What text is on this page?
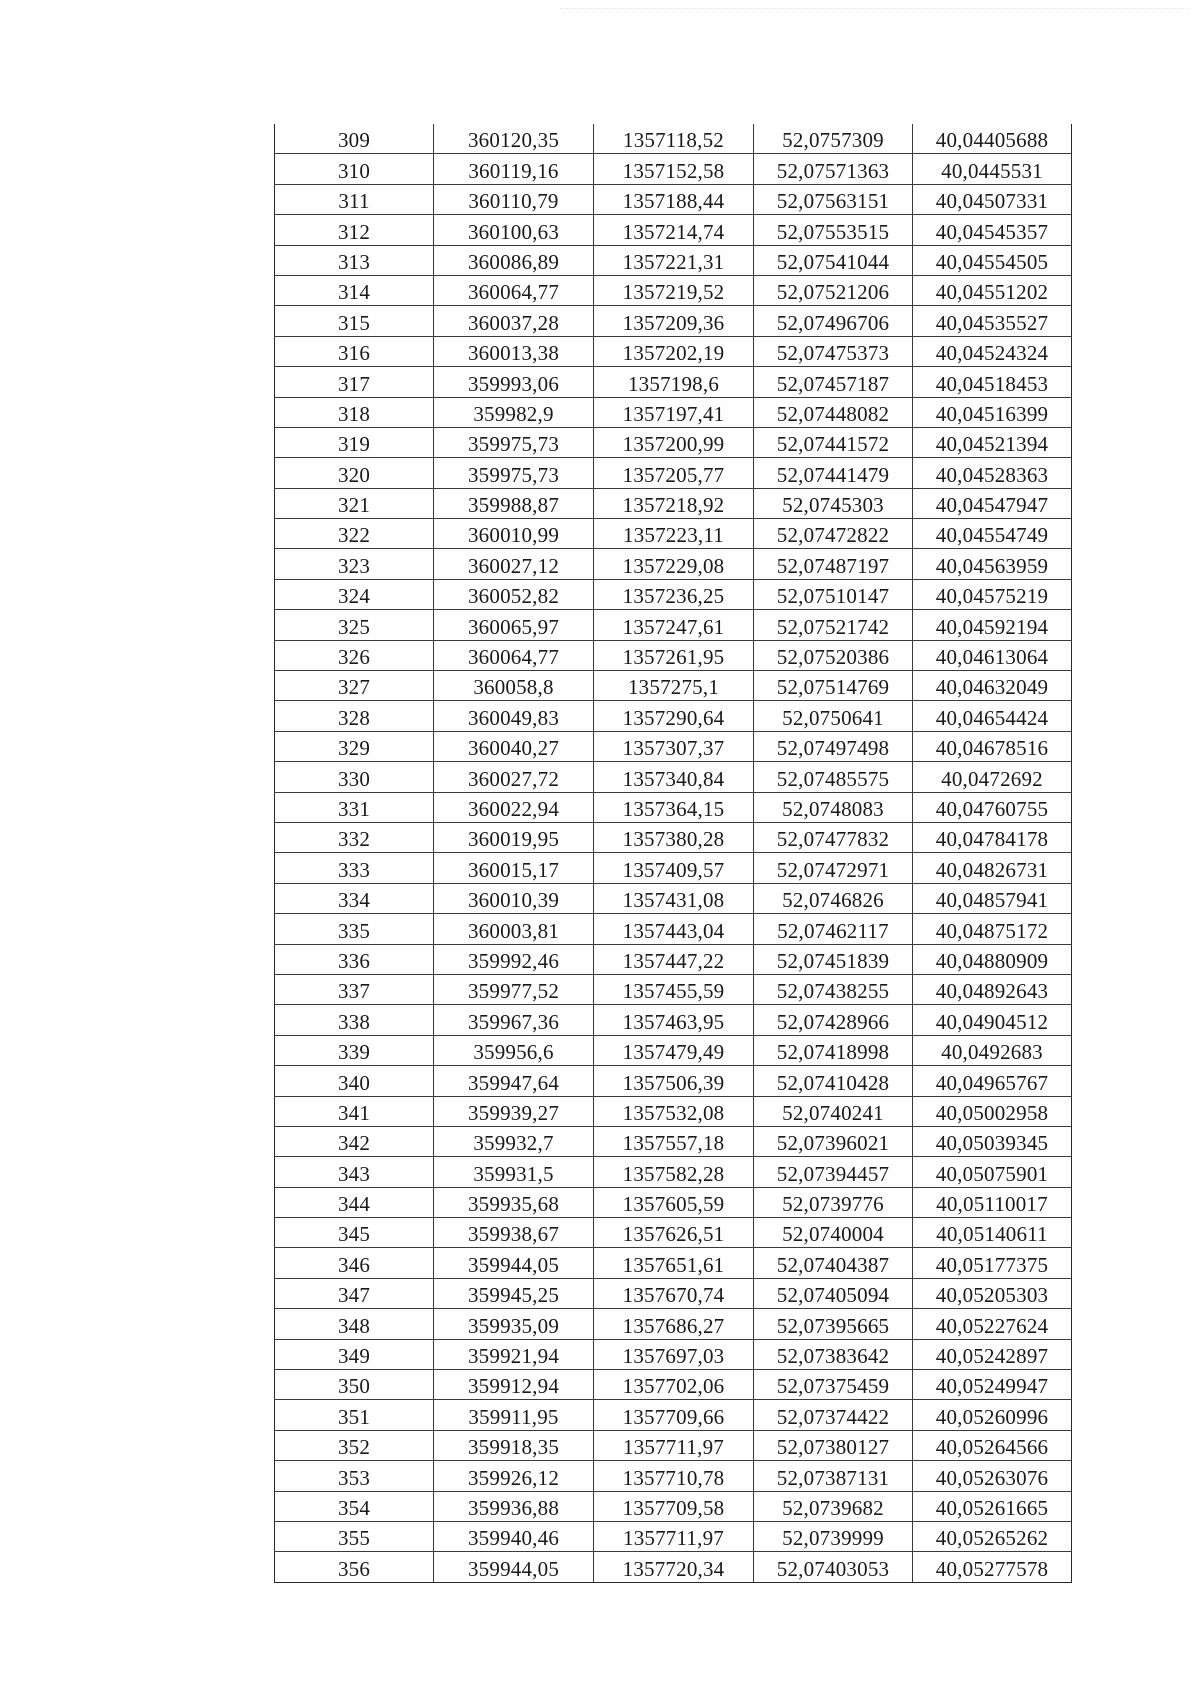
309	360120,35	1357118,52	52,0757309	40,04405688
310	360119,16	1357152,58	52,07571363	40,0445531
311	360110,79	1357188,44	52,07563151	40,04507331
312	360100,63	1357214,74	52,07553515	40,04545357
313	360086,89	1357221,31	52,07541044	40,04554505
314	360064,77	1357219,52	52,07521206	40,04551202
315	360037,28	1357209,36	52,07496706	40,04535527
316	360013,38	1357202,19	52,07475373	40,04524324
317	359993,06	1357198,6	52,07457187	40,04518453
318	359982,9	1357197,41	52,07448082	40,04516399
319	359975,73	1357200,99	52,07441572	40,04521394
320	359975,73	1357205,77	52,07441479	40,04528363
321	359988,87	1357218,92	52,0745303	40,04547947
322	360010,99	1357223,11	52,07472822	40,04554749
323	360027,12	1357229,08	52,07487197	40,04563959
324	360052,82	1357236,25	52,07510147	40,04575219
325	360065,97	1357247,61	52,07521742	40,04592194
326	360064,77	1357261,95	52,07520386	40,04613064
327	360058,8	1357275,1	52,07514769	40,04632049
328	360049,83	1357290,64	52,0750641	40,04654424
329	360040,27	1357307,37	52,07497498	40,04678516
330	360027,72	1357340,84	52,07485575	40,0472692
331	360022,94	1357364,15	52,0748083	40,04760755
332	360019,95	1357380,28	52,07477832	40,04784178
333	360015,17	1357409,57	52,07472971	40,04826731
334	360010,39	1357431,08	52,0746826	40,04857941
335	360003,81	1357443,04	52,07462117	40,04875172
336	359992,46	1357447,22	52,07451839	40,04880909
337	359977,52	1357455,59	52,07438255	40,04892643
338	359967,36	1357463,95	52,07428966	40,04904512
339	359956,6	1357479,49	52,07418998	40,0492683
340	359947,64	1357506,39	52,07410428	40,04965767
341	359939,27	1357532,08	52,0740241	40,05002958
342	359932,7	1357557,18	52,07396021	40,05039345
343	359931,5	1357582,28	52,07394457	40,05075901
344	359935,68	1357605,59	52,0739776	40,05110017
345	359938,67	1357626,51	52,0740004	40,05140611
346	359944,05	1357651,61	52,07404387	40,05177375
347	359945,25	1357670,74	52,07405094	40,05205303
348	359935,09	1357686,27	52,07395665	40,05227624
349	359921,94	1357697,03	52,07383642	40,05242897
350	359912,94	1357702,06	52,07375459	40,05249947
351	359911,95	1357709,66	52,07374422	40,05260996
352	359918,35	1357711,97	52,07380127	40,05264566
353	359926,12	1357710,78	52,07387131	40,05263076
354	359936,88	1357709,58	52,0739682	40,05261665
355	359940,46	1357711,97	52,0739999	40,05265262
356	359944,05	1357720,34	52,07403053	40,05277578
